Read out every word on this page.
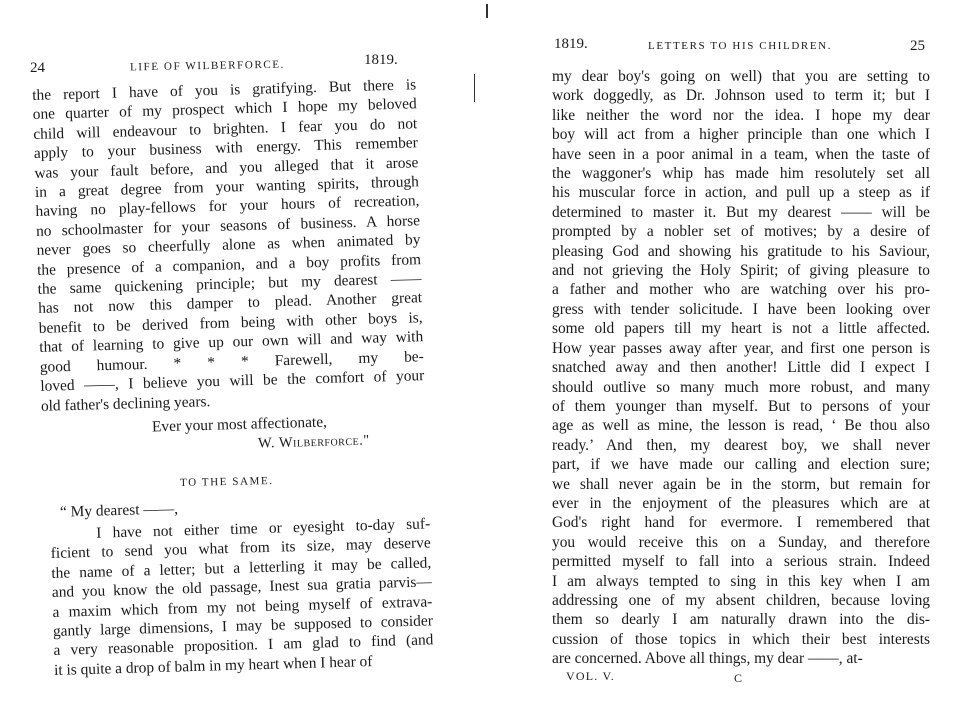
24	LIFE OF WILBERFORCE.	1819.
the report I have of you is gratifying. But there is
one quarter of my prospect which I hope my beloved
child will endeavour to brighten. I fear you do not
apply to your business with energy. This remember
was your fault before, and you alleged that it arose
in a great degree from your wanting spirits, through
having no play-fellows for your hours of recreation,
no schoolmaster for your seasons of business. A horse
never goes so cheerfully alone as when animated by
the presence of a companion, and a boy profits from
the same quickening principle; but my dearest ——
has not now this damper to plead. Another great
benefit to be derived from being with other boys is,
that of learning to give up our own will and way with
good humour. * * * Farewell, my be-
loved ——, I believe you will be the comfort of your
old father's declining years.
Ever your most affectionate,
W. Wilberforce."
TO THE SAME.
“ My dearest ——,
I have not either time or eyesight to-day suf-
ficient to send you what from its size, may deserve
the name of a letter; but a letterling it may be called,
and you know the old passage, Inest sua gratia parvis—
a maxim which from my not being myself of extrava-
gantly large dimensions, I may be supposed to consider
a very reasonable proposition. I am glad to find (and
it is quite a drop of balm in my heart when I hear of
1819.	LETTERS TO HIS CHILDREN.	25
my dear boy's going on well) that you are setting to
work doggedly, as Dr. Johnson used to term it; but I
like neither the word nor the idea. I hope my dear
boy will act from a higher principle than one which I
have seen in a poor animal in a team, when the taste of
the waggoner's whip has made him resolutely set all
his muscular force in action, and pull up a steep as if
determined to master it. But my dearest —— will be
prompted by a nobler set of motives; by a desire of
pleasing God and showing his gratitude to his Saviour,
and not grieving the Holy Spirit; of giving pleasure to
a father and mother who are watching over his pro-
gress with tender solicitude. I have been looking over
some old papers till my heart is not a little affected.
How year passes away after year, and first one person is
snatched away and then another! Little did I expect I
should outlive so many much more robust, and many
of them younger than myself. But to persons of your
age as well as mine, the lesson is read, ‘ Be thou also
ready.’ And then, my dearest boy, we shall never
part, if we have made our calling and election sure;
we shall never again be in the storm, but remain for
ever in the enjoyment of the pleasures which are at
God's right hand for evermore. I remembered that
you would receive this on a Sunday, and therefore
permitted myself to fall into a serious strain. Indeed
I am always tempted to sing in this key when I am
addressing one of my absent children, because loving
them so dearly I am naturally drawn into the dis-
cussion of those topics in which their best interests
are concerned. Above all things, my dear ——, at-
VOL. V.	C
